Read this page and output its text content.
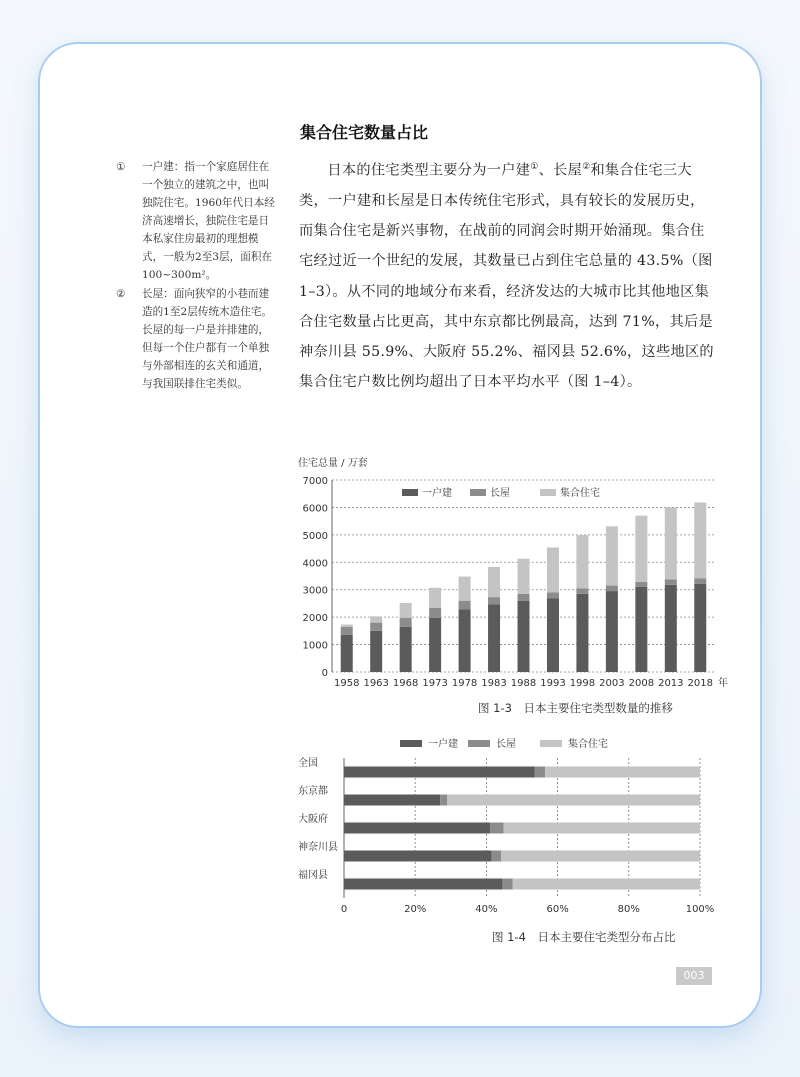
集合住宅数量占比

日本的住宅类型主要分为一户建①、长屋②和集合住宅三大类，一户建和长屋是日本传统住宅形式，具有较长的发展历史，而集合住宅是新兴事物，在战前的同润会时期开始涌现。集合住宅经过近一个世纪的发展，其数量已占到住宅总量的 43.5%（图 1–3）。从不同的地域分布来看，经济发达的大城市比其他地区集合住宅数量占比更高，其中东京都比例最高，达到 71%，其后是神奈川县 55.9%、大阪府 55.2%、福冈县 52.6%，这些地区的集合住宅户数比例均超出了日本平均水平（图 1–4）。

① 一户建：指一个家庭居住在一个独立的建筑之中，也叫独院住宅。1960年代日本经济高速增长，独院住宅是日本私家住房最初的理想模式，一般为2至3层，面积在100~300m²。
② 长屋：面向狭窄的小巷而建造的1至2层传统木造住宅。长屋的每一户是并排建的，但每一个住户都有一个单独与外部相连的玄关和通道，与我国联排住宅类似。
住宅总量 / 万套
0
1000
2000
3000
4000
5000
6000
7000
1958 1963 1968 1973 1978 1983 1988 1993 1998 2003 2008 2013 2018 年
一户建	长屋	集合住宅
图 1-3　日本主要住宅类型数量的推移
一户建	长屋	集合住宅
0	20%	40%	60%	80%	100%
全国
东京都
大阪府
神奈川县
福冈县
图 1-4　日本主要住宅类型分布占比
003
